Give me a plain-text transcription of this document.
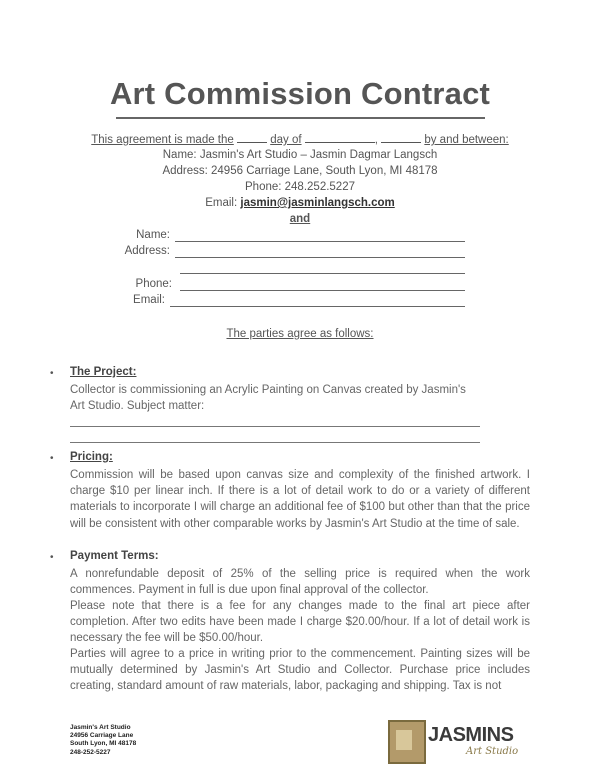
Art Commission Contract
This agreement is made the	day of	,	by and between:
Name: Jasmin's Art Studio – Jasmin Dagmar Langsch
Address: 24956 Carriage Lane, South Lyon, MI 48178
Phone: 248.252.5227
Email: jasmin@jasminlangsch.com
and
Name:
Address:
Phone:
Email:
The parties agree as follows:
• The Project:
Collector is commissioning an Acrylic Painting on Canvas created by Jasmin's
Art Studio. Subject matter:
• Pricing:
Commission will be based upon canvas size and complexity of the finished artwork. I charge $10 per linear inch. If there is a lot of detail work to do or a variety of different materials to incorporate I will charge an additional fee of $100 but other than that the price will be consistent with other comparable works by Jasmin's Art Studio at the time of sale.
• Payment Terms:
A nonrefundable deposit of 25% of the selling price is required when the work commences. Payment in full is due upon final approval of the collector.
Please note that there is a fee for any changes made to the final art piece after completion. After two edits have been made I charge $20.00/hour. If a lot of detail work is necessary the fee will be $50.00/hour.
Parties will agree to a price in writing prior to the commencement. Painting sizes will be mutually determined by Jasmin's Art Studio and Collector. Purchase price includes creating, standard amount of raw materials, labor, packaging and shipping. Tax is not
Jasmin's Art Studio
24956 Carriage Lane
South Lyon, MI 48178
248-252-5227
JASMINS
Art Studio
